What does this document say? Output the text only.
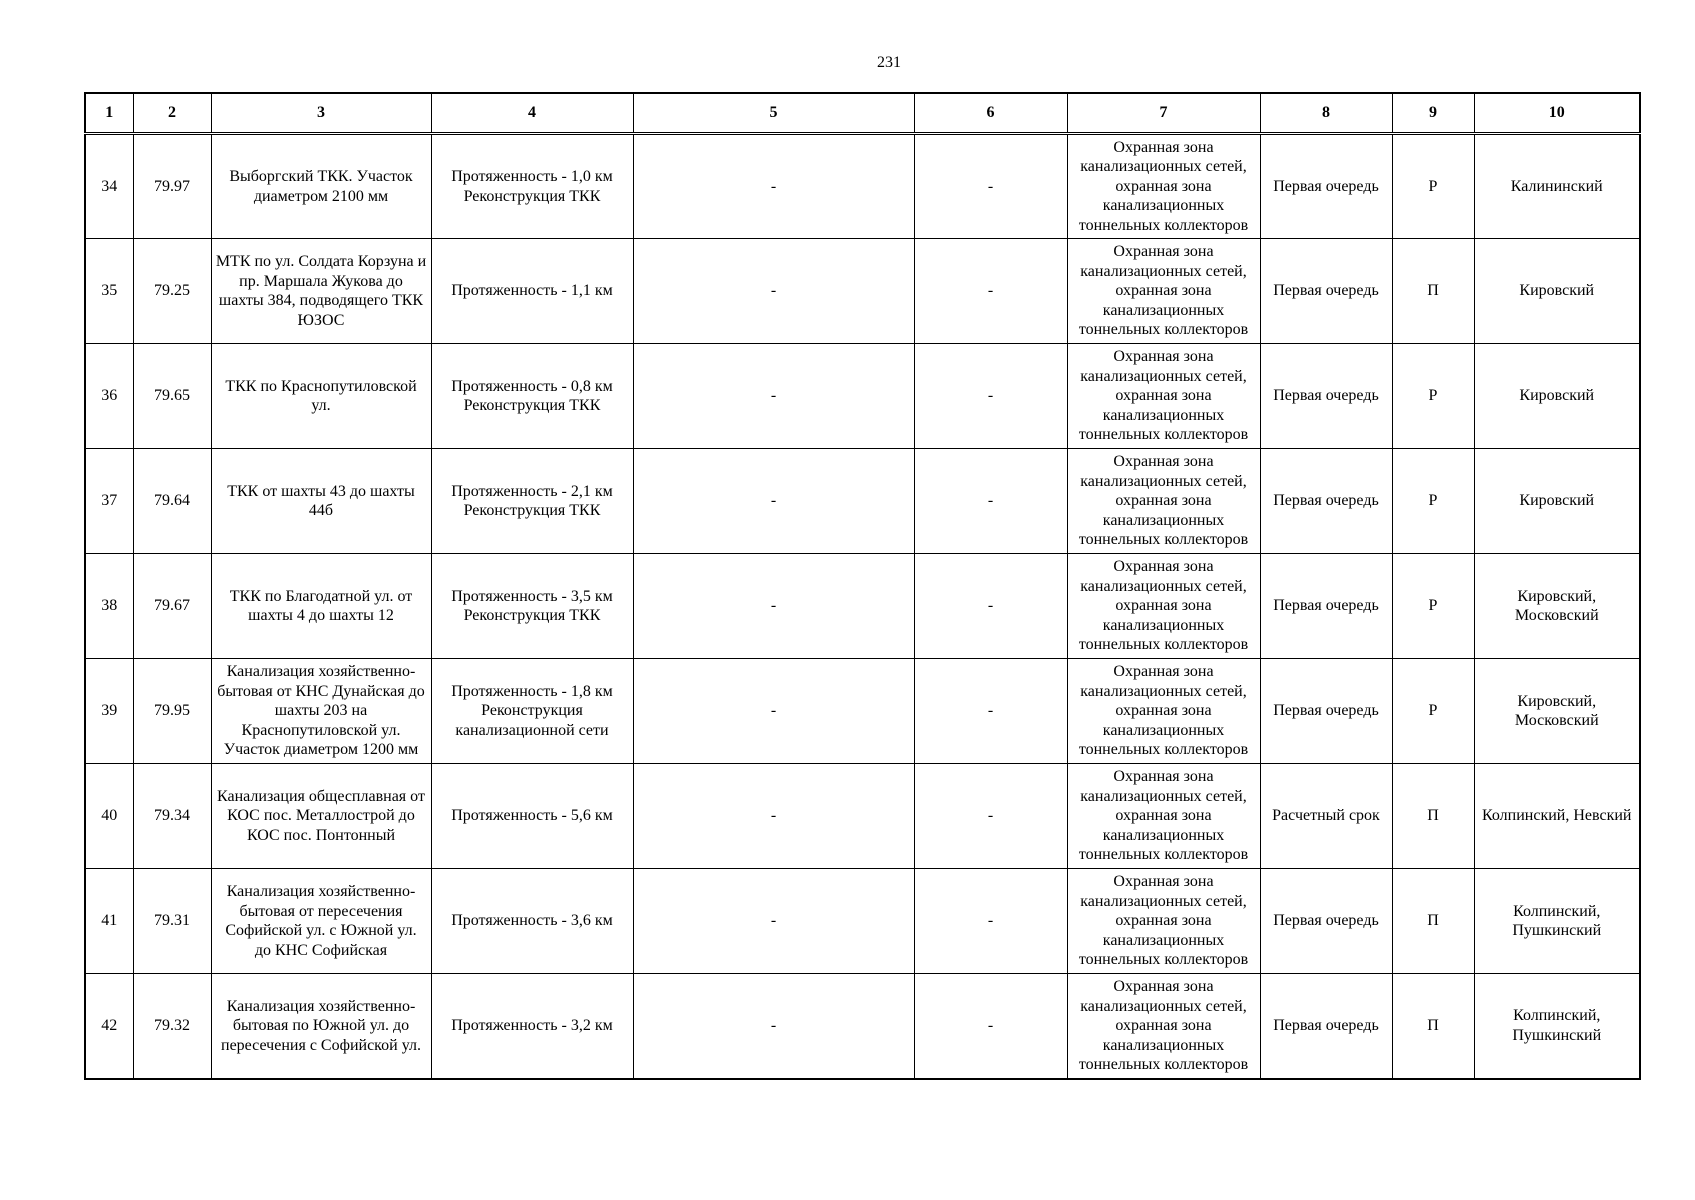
231
1	2	3	4	5	6	7	8	9	10
34	79.97	Выборгский ТКК. Участок диаметром 2100 мм	Протяженность - 1,0 км Реконструкция ТКК	-	-	Охранная зона канализационных сетей, охранная зона канализационных тоннельных коллекторов	Первая очередь	Р	Калининский
35	79.25	МТК по ул. Солдата Корзуна и пр. Маршала Жукова до шахты 384, подводящего ТКК ЮЗОС	Протяженность - 1,1 км	-	-	Охранная зона канализационных сетей, охранная зона канализационных тоннельных коллекторов	Первая очередь	П	Кировский
36	79.65	ТКК по Краснопутиловской ул.	Протяженность - 0,8 км Реконструкция ТКК	-	-	Охранная зона канализационных сетей, охранная зона канализационных тоннельных коллекторов	Первая очередь	Р	Кировский
37	79.64	ТКК от шахты 43 до шахты 44б	Протяженность - 2,1 км Реконструкция ТКК	-	-	Охранная зона канализационных сетей, охранная зона канализационных тоннельных коллекторов	Первая очередь	Р	Кировский
38	79.67	ТКК по Благодатной ул. от шахты 4 до шахты 12	Протяженность - 3,5 км Реконструкция ТКК	-	-	Охранная зона канализационных сетей, охранная зона канализационных тоннельных коллекторов	Первая очередь	Р	Кировский, Московский
39	79.95	Канализация хозяйственно-бытовая от КНС Дунайская до шахты 203 на Краснопутиловской ул. Участок диаметром 1200 мм	Протяженность - 1,8 км Реконструкция канализационной сети	-	-	Охранная зона канализационных сетей, охранная зона канализационных тоннельных коллекторов	Первая очередь	Р	Кировский, Московский
40	79.34	Канализация общесплавная от КОС пос. Металлострой до КОС пос. Понтонный	Протяженность - 5,6 км	-	-	Охранная зона канализационных сетей, охранная зона канализационных тоннельных коллекторов	Расчетный срок	П	Колпинский, Невский
41	79.31	Канализация хозяйственно-бытовая от пересечения Софийской ул. с Южной ул. до КНС Софийская	Протяженность - 3,6 км	-	-	Охранная зона канализационных сетей, охранная зона канализационных тоннельных коллекторов	Первая очередь	П	Колпинский, Пушкинский
42	79.32	Канализация хозяйственно-бытовая по Южной ул. до пересечения с Софийской ул.	Протяженность - 3,2 км	-	-	Охранная зона канализационных сетей, охранная зона канализационных тоннельных коллекторов	Первая очередь	П	Колпинский, Пушкинский
